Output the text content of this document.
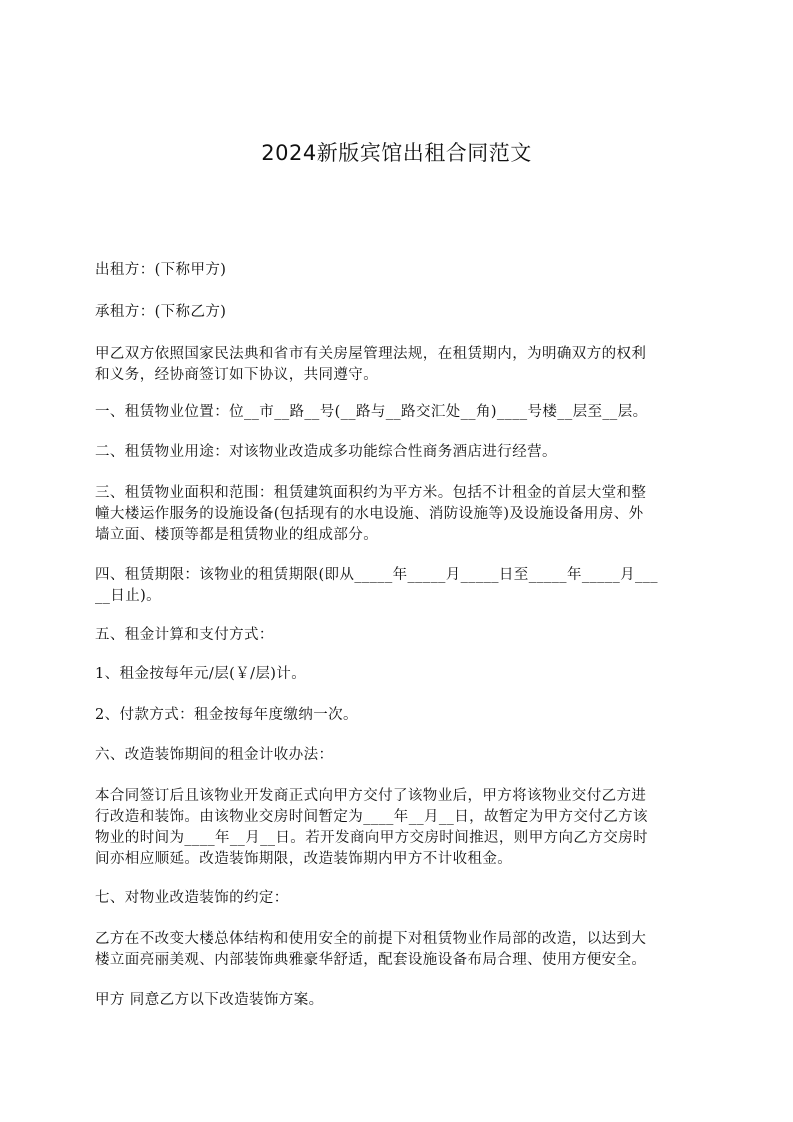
2024新版宾馆出租合同范文
出租方：(下称甲方)
承租方：(下称乙方)
甲乙双方依照国家民法典和省市有关房屋管理法规，在租赁期内，为明确双方的权利
和义务，经协商签订如下协议，共同遵守。
一、租赁物业位置：位__市__路__号(__路与__路交汇处__角)____号楼__层至__层。
二、租赁物业用途：对该物业改造成多功能综合性商务酒店进行经营。
三、租赁物业面积和范围：租赁建筑面积约为平方米。包括不计租金的首层大堂和整
幢大楼运作服务的设施设备(包括现有的水电设施、消防设施等)及设施设备用房、外
墙立面、楼顶等都是租赁物业的组成部分。
四、租赁期限：该物业的租赁期限(即从_____年_____月_____日至_____年_____月___
__日止)。
五、租金计算和支付方式：
1、租金按每年元/层(￥/层)计。
2、付款方式：租金按每年度缴纳一次。
六、改造装饰期间的租金计收办法：
本合同签订后且该物业开发商正式向甲方交付了该物业后，甲方将该物业交付乙方进
行改造和装饰。由该物业交房时间暂定为____年__月__日，故暂定为甲方交付乙方该
物业的时间为____年__月__日。若开发商向甲方交房时间推迟，则甲方向乙方交房时
间亦相应顺延。改造装饰期限，改造装饰期内甲方不计收租金。
七、对物业改造装饰的约定：
乙方在不改变大楼总体结构和使用安全的前提下对租赁物业作局部的改造，以达到大
楼立面亮丽美观、内部装饰典雅豪华舒适，配套设施设备布局合理、使用方便安全。
甲方 同意乙方以下改造装饰方案。
